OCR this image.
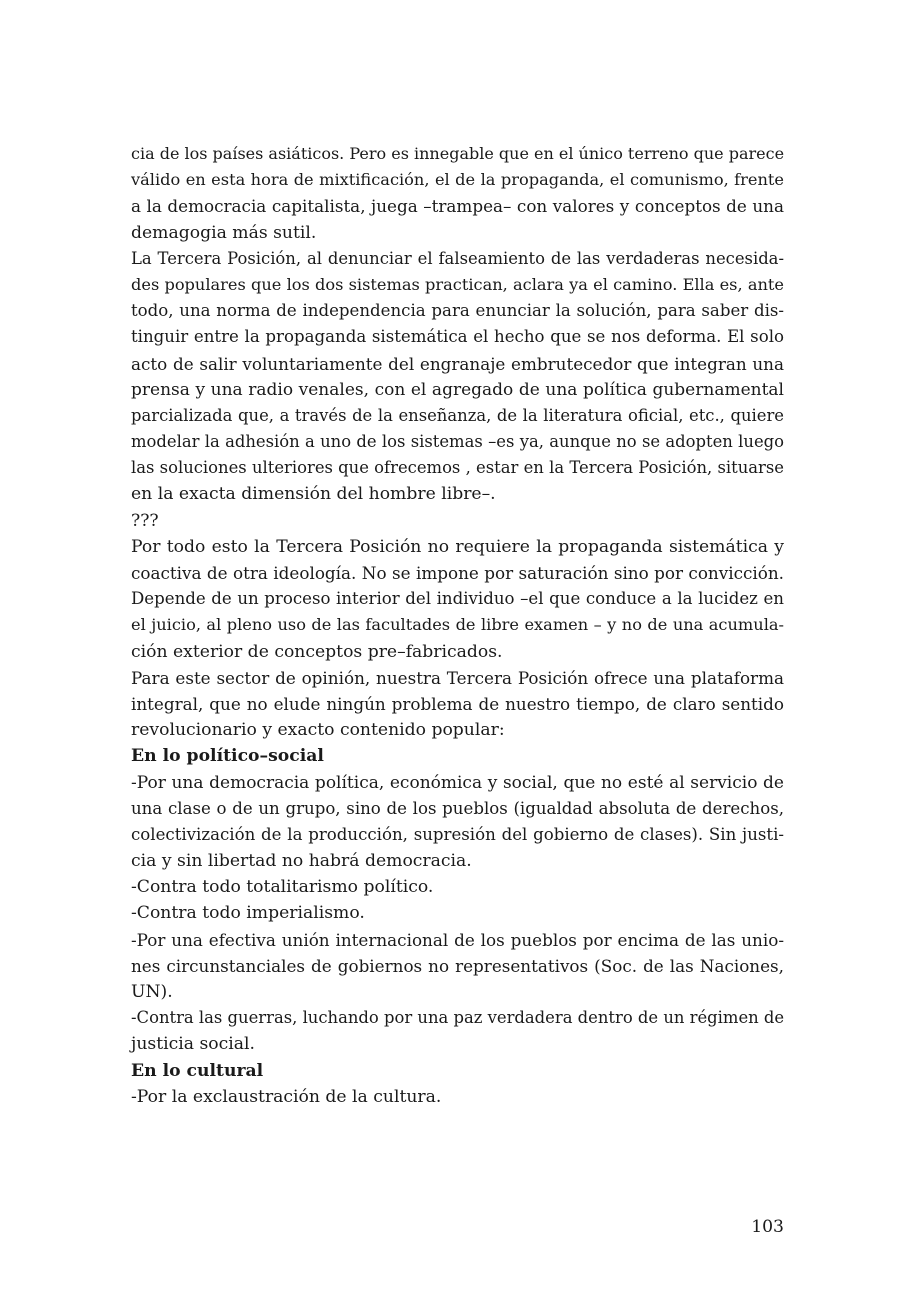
cia de los países asiáticos. Pero es innegable que en el único terreno que parece
válido en esta hora de mixtificación, el de la propaganda, el comunismo, frente
a la democracia capitalista, juega –trampea– con valores y conceptos de una
demagogia más sutil.
La Tercera Posición, al denunciar el falseamiento de las verdaderas necesida-
des populares que los dos sistemas practican, aclara ya el camino. Ella es, ante
todo, una norma de independencia para enunciar la solución, para saber dis-
tinguir entre la propaganda sistemática el hecho que se nos deforma. El solo
acto de salir voluntariamente del engranaje embrutecedor que integran una
prensa y una radio venales, con el agregado de una política gubernamental
parcializada que, a través de la enseñanza, de la literatura oficial, etc., quiere
modelar la adhesión a uno de los sistemas –es ya, aunque no se adopten luego
las soluciones ulteriores que ofrecemos , estar en la Tercera Posición, situarse
en la exacta dimensión del hombre libre–.
???
Por todo esto la Tercera Posición no requiere la propaganda sistemática y
coactiva de otra ideología. No se impone por saturación sino por convicción.
Depende de un proceso interior del individuo –el que conduce a la lucidez en
el juicio, al pleno uso de las facultades de libre examen – y no de una acumula-
ción exterior de conceptos pre–fabricados.
Para este sector de opinión, nuestra Tercera Posición ofrece una plataforma
integral, que no elude ningún problema de nuestro tiempo, de claro sentido
revolucionario y exacto contenido popular:
En lo político–social
-Por una democracia política, económica y social, que no esté al servicio de
una clase o de un grupo, sino de los pueblos (igualdad absoluta de derechos,
colectivización de la producción, supresión del gobierno de clases). Sin justi-
cia y sin libertad no habrá democracia.
-Contra todo totalitarismo político.
-Contra todo imperialismo.
-Por una efectiva unión internacional de los pueblos por encima de las unio-
nes circunstanciales de gobiernos no representativos (Soc. de las Naciones,
UN).
-Contra las guerras, luchando por una paz verdadera dentro de un régimen de
justicia social.
En lo cultural
-Por la exclaustración de la cultura.
103
